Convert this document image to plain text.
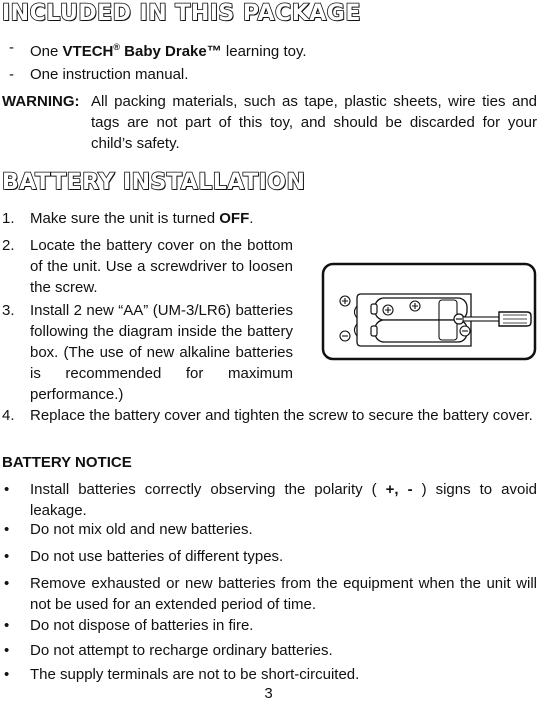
INCLUDED IN THIS PACKAGE
- One VTECH® Baby Drake™ learning toy.
- One instruction manual.
WARNING: All packing materials, such as tape, plastic sheets, wire ties and tags are not part of this toy, and should be discarded for your child’s safety.
BATTERY INSTALLATION
1. Make sure the unit is turned OFF.
2. Locate the battery cover on the bottom of the unit. Use a screwdriver to loosen the screw.
3. Install 2 new “AA” (UM-3/LR6) batteries following the diagram inside the battery box. (The use of new alkaline batteries is recommended for maximum performance.)
4. Replace the battery cover and tighten the screw to secure the battery cover.
BATTERY NOTICE
• Install batteries correctly observing the polarity ( +, - ) signs to avoid leakage.
• Do not mix old and new batteries.
• Do not use batteries of different types.
• Remove exhausted or new batteries from the equipment when the unit will not be used for an extended period of time.
• Do not dispose of batteries in fire.
• Do not attempt to recharge ordinary batteries.
• The supply terminals are not to be short-circuited.
3
